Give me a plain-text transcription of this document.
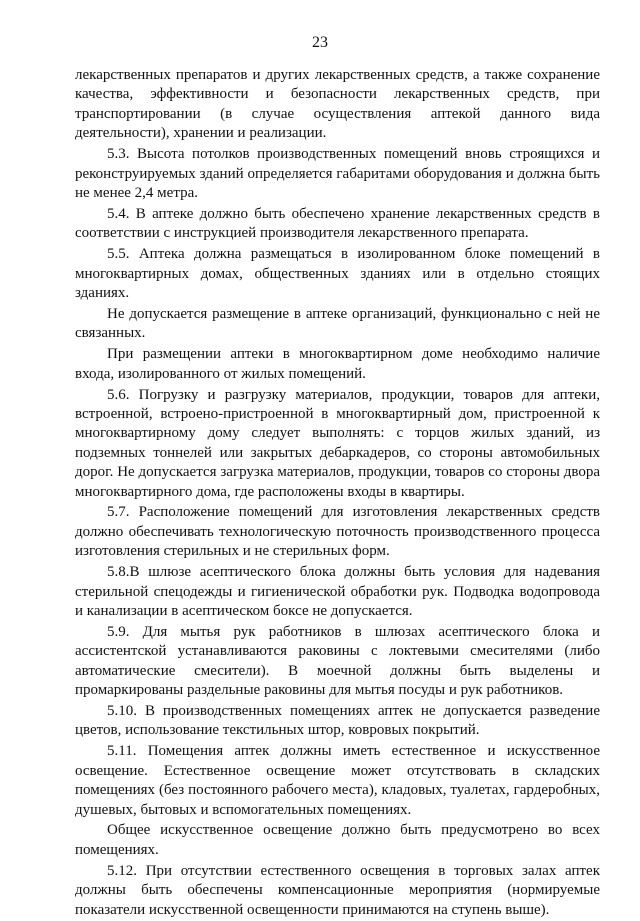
23

лекарственных препаратов и других лекарственных средств, а также сохранение качества, эффективности и безопасности лекарственных средств, при транспортировании (в случае осуществления аптекой данного вида деятельности), хранении и реализации.

5.3. Высота потолков производственных помещений вновь строящихся и реконструируемых зданий определяется габаритами оборудования и должна быть не менее 2,4 метра.

5.4. В аптеке должно быть обеспечено хранение лекарственных средств в соответствии с инструкцией производителя лекарственного препарата.

5.5. Аптека должна размещаться в изолированном блоке помещений в многоквартирных домах, общественных зданиях или в отдельно стоящих зданиях.

Не допускается размещение в аптеке организаций, функционально с ней не связанных.

При размещении аптеки в многоквартирном доме необходимо наличие входа, изолированного от жилых помещений.

5.6. Погрузку и разгрузку материалов, продукции, товаров для аптеки, встроенной, встроено-пристроенной в многоквартирный дом, пристроенной к многоквартирному дому следует выполнять: с торцов жилых зданий, из подземных тоннелей или закрытых дебаркадеров, со стороны автомобильных дорог. Не допускается загрузка материалов, продукции, товаров со стороны двора многоквартирного дома, где расположены входы в квартиры.

5.7. Расположение помещений для изготовления лекарственных средств должно обеспечивать технологическую поточность производственного процесса изготовления стерильных и не стерильных форм.

5.8.В шлюзе асептического блока должны быть условия для надевания стерильной спецодежды и гигиенической обработки рук. Подводка водопровода и канализации в асептическом боксе не допускается.

5.9. Для мытья рук работников в шлюзах асептического блока и ассистентской устанавливаются раковины с локтевыми смесителями (либо автоматические смесители). В моечной должны быть выделены и промаркированы раздельные раковины для мытья посуды и рук работников.

5.10. В производственных помещениях аптек не допускается разведение цветов, использование текстильных штор, ковровых покрытий.

5.11. Помещения аптек должны иметь естественное и искусственное освещение. Естественное освещение может отсутствовать в складских помещениях (без постоянного рабочего места), кладовых, туалетах, гардеробных, душевых, бытовых и вспомогательных помещениях.

Общее искусственное освещение должно быть предусмотрено во всех помещениях.

5.12. При отсутствии естественного освещения в торговых залах аптек должны быть обеспечены компенсационные мероприятия (нормируемые показатели искусственной освещенности принимаются на ступень выше).
